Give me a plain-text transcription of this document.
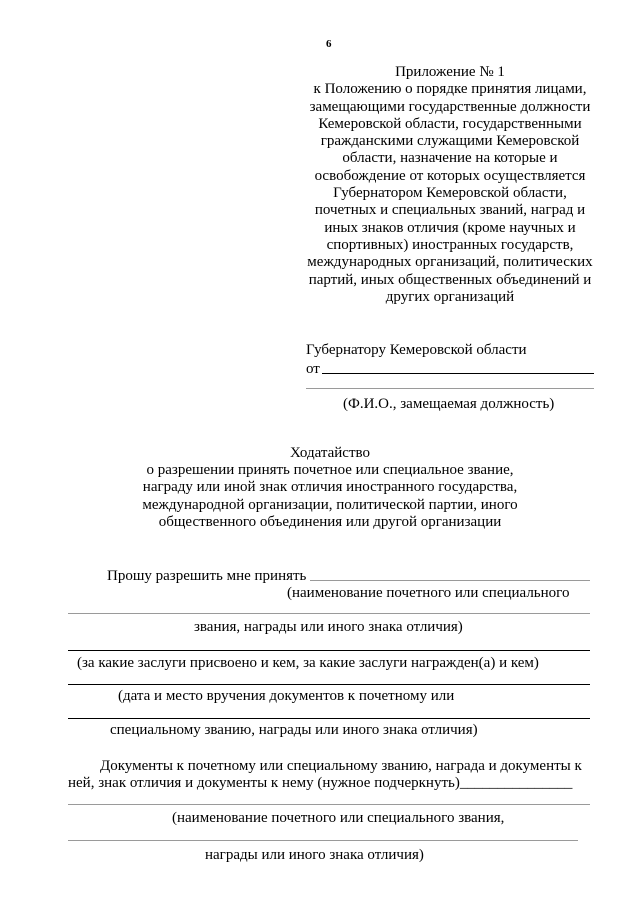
6
Приложение № 1
к Положению о порядке принятия лицами,
замещающими государственные должности
Кемеровской области, государственными
гражданскими служащими Кемеровской
области, назначение на которые и
освобождение от которых осуществляется
Губернатором Кемеровской области,
почетных и специальных званий, наград и
иных знаков отличия (кроме научных и
спортивных) иностранных государств,
международных организаций, политических
партий, иных общественных объединений и
других организаций
Губернатору Кемеровской области
от
(Ф.И.О., замещаемая должность)
Ходатайство
о разрешении принять почетное или специальное звание,
награду или иной знак отличия иностранного государства,
международной организации, политической партии, иного
общественного объединения или другой организации
Прошу разрешить мне принять
(наименование почетного или специального
звания, награды или иного знака отличия)
(за какие заслуги присвоено и кем, за какие заслуги награжден(а) и кем)
(дата и место вручения документов к почетному или
специальному званию, награды или иного знака отличия)
Документы к почетному или специальному званию, награда и документы к
ней, знак отличия и документы к нему (нужное подчеркнуть)_______________
(наименование почетного или специального звания,
награды или иного знака отличия)
